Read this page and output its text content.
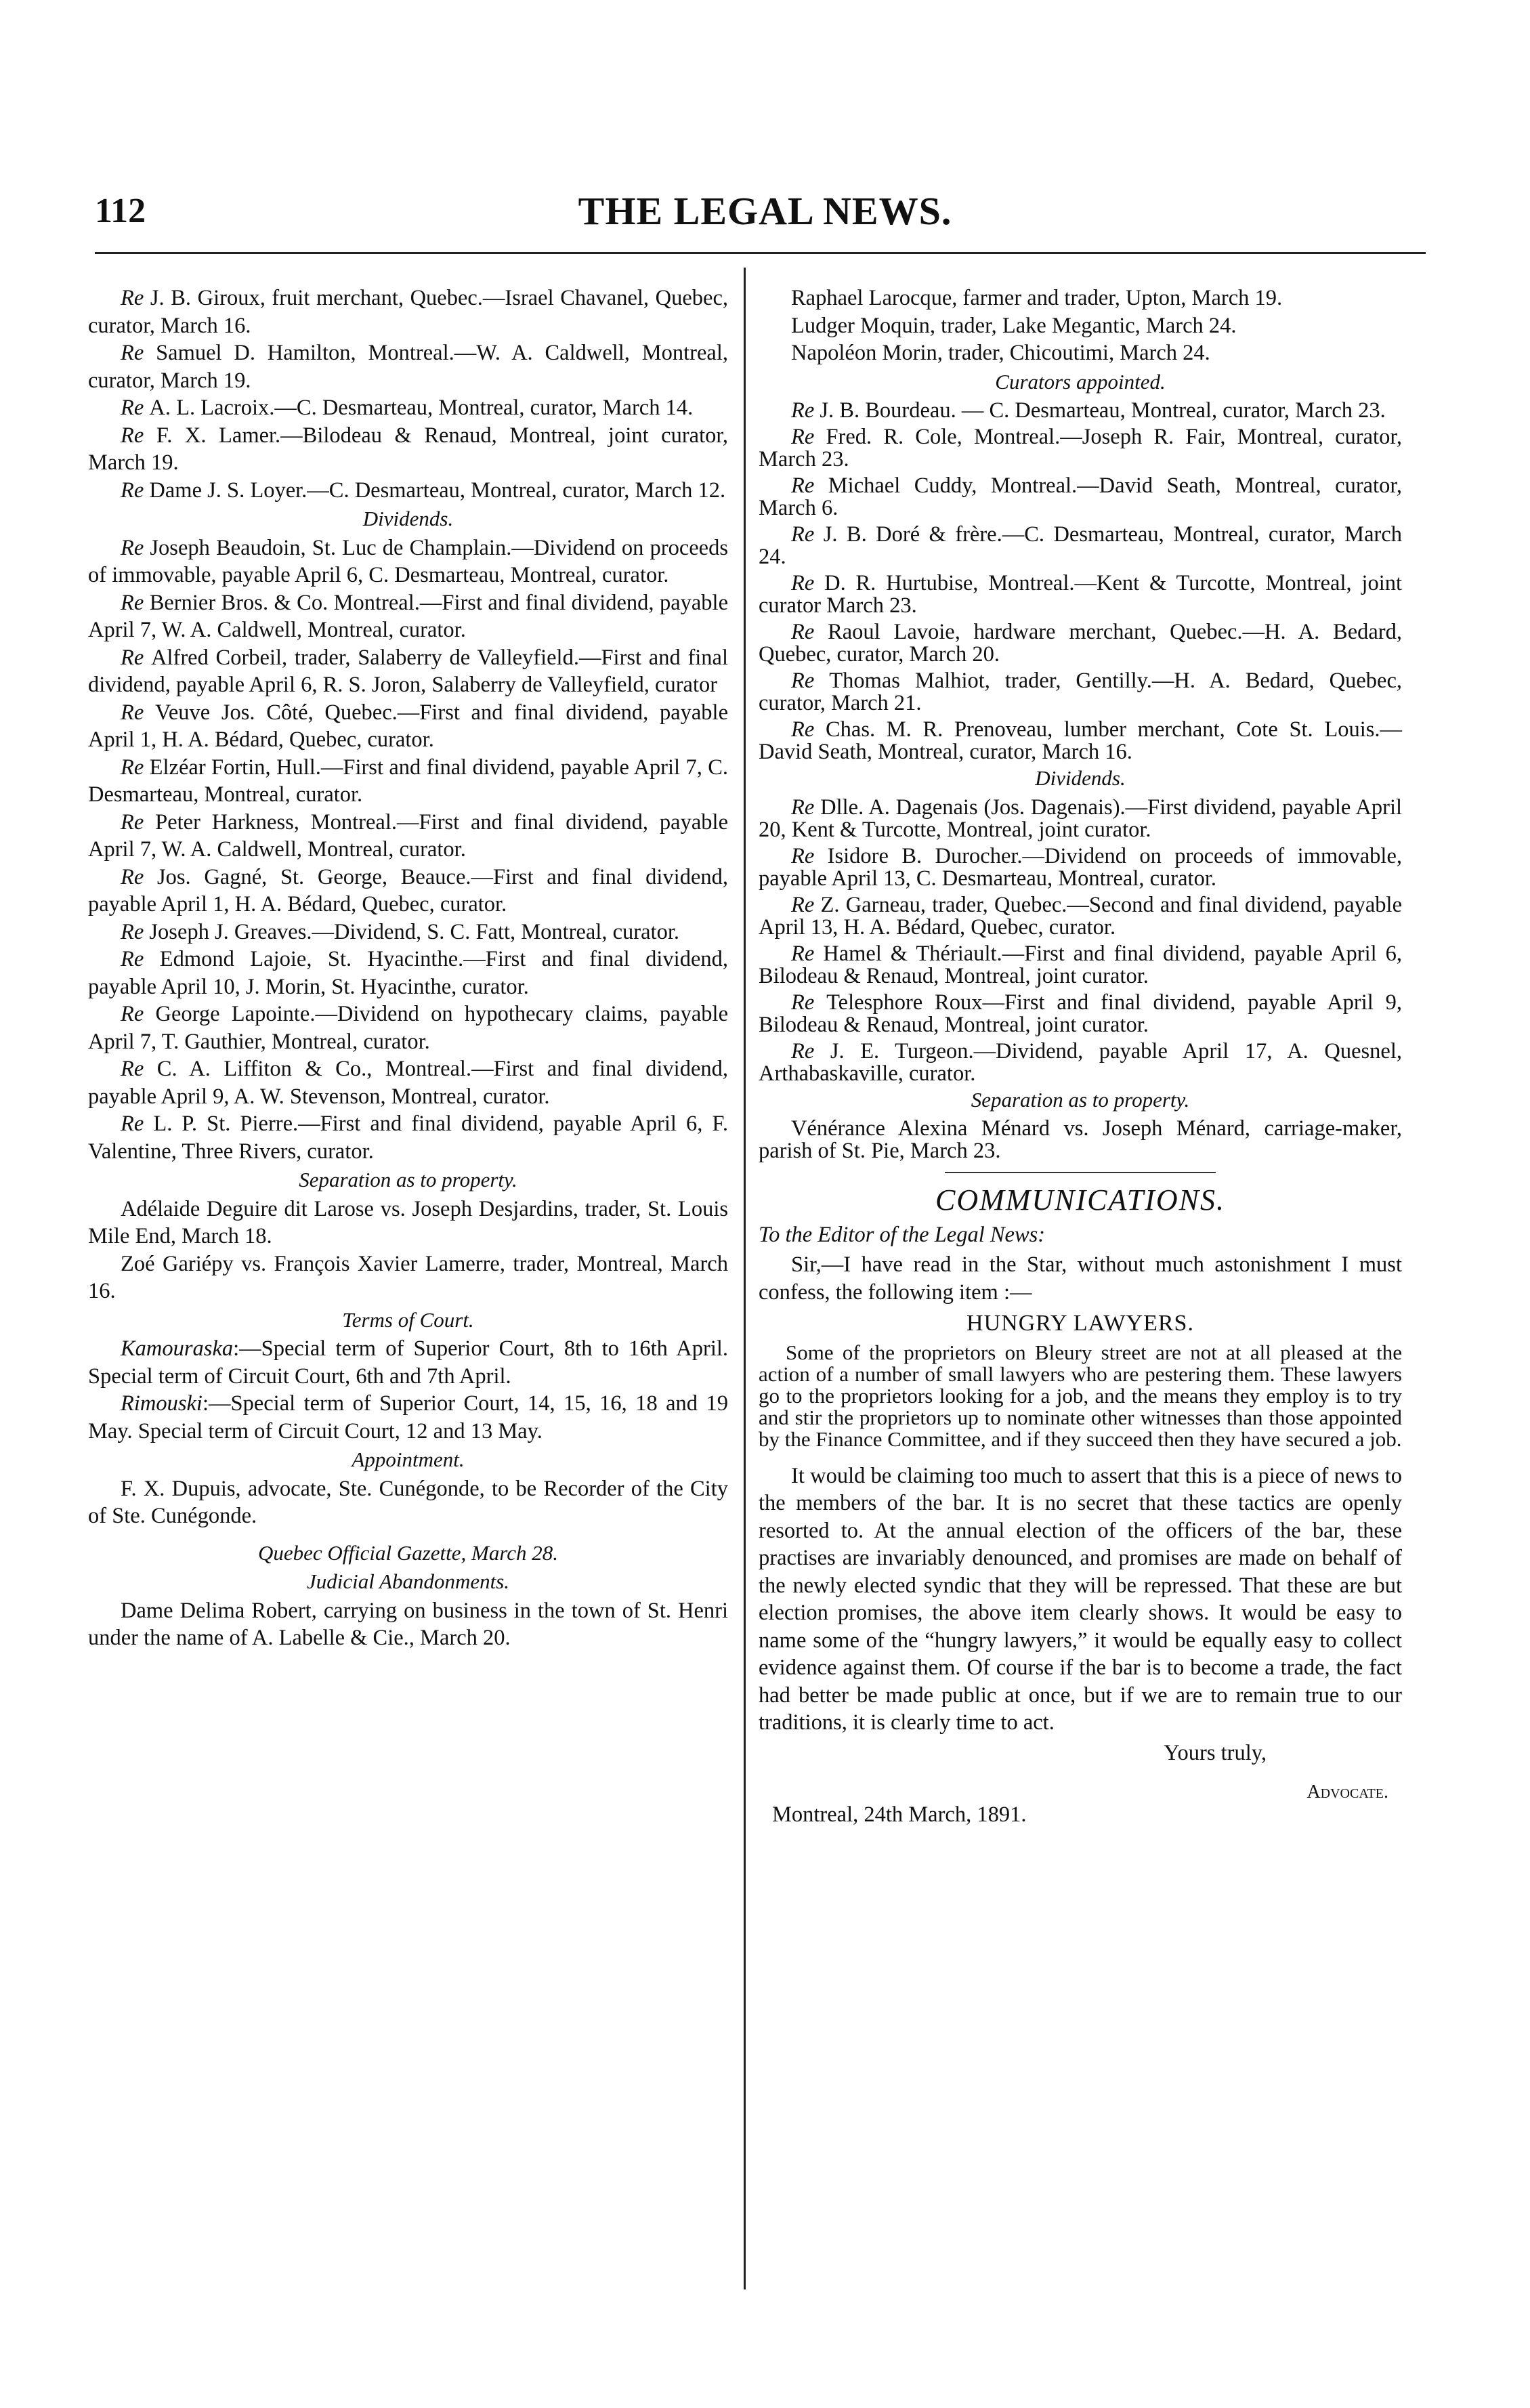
112	THE LEGAL NEWS.

Re J. B. Giroux, fruit merchant, Quebec.—Israel Chavanel, Quebec, curator, March 16.

Re Samuel D. Hamilton, Montreal.—W. A. Caldwell, Montreal, curator, March 19.

Re A. L. Lacroix.—C. Desmarteau, Montreal, curator, March 14.

Re F. X. Lamer.—Bilodeau & Renaud, Montreal, joint curator, March 19.

Re Dame J. S. Loyer.—C. Desmarteau, Montreal, curator, March 12.

Dividends.

Re Joseph Beaudoin, St. Luc de Champlain.—Dividend on proceeds of immovable, payable April 6, C. Desmarteau, Montreal, curator.

Re Bernier Bros. & Co. Montreal.—First and final dividend, payable April 7, W. A. Caldwell, Montreal, curator.

Re Alfred Corbeil, trader, Salaberry de Valleyfield.—First and final dividend, payable April 6, R. S. Joron, Salaberry de Valleyfield, curator

Re Veuve Jos. Côté, Quebec.—First and final dividend, payable April 1, H. A. Bédard, Quebec, curator.

Re Elzéar Fortin, Hull.—First and final dividend, payable April 7, C. Desmarteau, Montreal, curator.

Re Peter Harkness, Montreal.—First and final dividend, payable April 7, W. A. Caldwell, Montreal, curator.

Re Jos. Gagné, St. George, Beauce.—First and final dividend, payable April 1, H. A. Bédard, Quebec, curator.

Re Joseph J. Greaves.—Dividend, S. C. Fatt, Montreal, curator.

Re Edmond Lajoie, St. Hyacinthe.—First and final dividend, payable April 10, J. Morin, St. Hyacinthe, curator.

Re George Lapointe.—Dividend on hypothecary claims, payable April 7, T. Gauthier, Montreal, curator.

Re C. A. Liffiton & Co., Montreal.—First and final dividend, payable April 9, A. W. Stevenson, Montreal, curator.

Re L. P. St. Pierre.—First and final dividend, payable April 6, F. Valentine, Three Rivers, curator.

Separation as to property.

Adélaide Deguire dit Larose vs. Joseph Desjardins, trader, St. Louis Mile End, March 18.

Zoé Gariépy vs. François Xavier Lamerre, trader, Montreal, March 16.

Terms of Court.

Kamouraska:—Special term of Superior Court, 8th to 16th April. Special term of Circuit Court, 6th and 7th April.

Rimouski:—Special term of Superior Court, 14, 15, 16, 18 and 19 May. Special term of Circuit Court, 12 and 13 May.

Appointment.

F. X. Dupuis, advocate, Ste. Cunégonde, to be Recorder of the City of Ste. Cunégonde.

Quebec Official Gazette, March 28.
Judicial Abandonments.

Dame Delima Robert, carrying on business in the town of St. Henri under the name of A. Labelle & Cie., March 20.

Raphael Larocque, farmer and trader, Upton, March 19.

Ludger Moquin, trader, Lake Megantic, March 24.

Napoléon Morin, trader, Chicoutimi, March 24.

Curators appointed.

Re J. B. Bourdeau. — C. Desmarteau, Montreal, curator, March 23.

Re Fred. R. Cole, Montreal.—Joseph R. Fair, Montreal, curator, March 23.

Re Michael Cuddy, Montreal.—David Seath, Montreal, curator, March 6.

Re J. B. Doré & frère.—C. Desmarteau, Montreal, curator, March 24.

Re D. R. Hurtubise, Montreal.—Kent & Turcotte, Montreal, joint curator March 23.

Re Raoul Lavoie, hardware merchant, Quebec.—H. A. Bedard, Quebec, curator, March 20.

Re Thomas Malhiot, trader, Gentilly.—H. A. Bedard, Quebec, curator, March 21.

Re Chas. M. R. Prenoveau, lumber merchant, Cote St. Louis.—David Seath, Montreal, curator, March 16.

Dividends.

Re Dlle. A. Dagenais (Jos. Dagenais).—First dividend, payable April 20, Kent & Turcotte, Montreal, joint curator.

Re Isidore B. Durocher.—Dividend on proceeds of immovable, payable April 13, C. Desmarteau, Montreal, curator.

Re Z. Garneau, trader, Quebec.—Second and final dividend, payable April 13, H. A. Bédard, Quebec, curator.

Re Hamel & Thériault.—First and final dividend, payable April 6, Bilodeau & Renaud, Montreal, joint curator.

Re Telesphore Roux—First and final dividend, payable April 9, Bilodeau & Renaud, Montreal, joint curator.

Re J. E. Turgeon.—Dividend, payable April 17, A. Quesnel, Arthabaskaville, curator.

Separation as to property.

Vénérance Alexina Ménard vs. Joseph Ménard, carriage-maker, parish of St. Pie, March 23.

COMMUNICATIONS.

To the Editor of the Legal News:

Sir,—I have read in the Star, without much astonishment I must confess, the following item :—

HUNGRY LAWYERS.

Some of the proprietors on Bleury street are not at all pleased at the action of a number of small lawyers who are pestering them. These lawyers go to the proprietors looking for a job, and the means they employ is to try and stir the proprietors up to nominate other witnesses than those appointed by the Finance Committee, and if they succeed then they have secured a job.

It would be claiming too much to assert that this is a piece of news to the members of the bar. It is no secret that these tactics are openly resorted to. At the annual election of the officers of the bar, these practises are invariably denounced, and promises are made on behalf of the newly elected syndic that they will be repressed. That these are but election promises, the above item clearly shows. It would be easy to name some of the “hungry lawyers,” it would be equally easy to collect evidence against them. Of course if the bar is to become a trade, the fact had better be made public at once, but if we are to remain true to our traditions, it is clearly time to act.

Yours truly,
Advocate.

Montreal, 24th March, 1891.
